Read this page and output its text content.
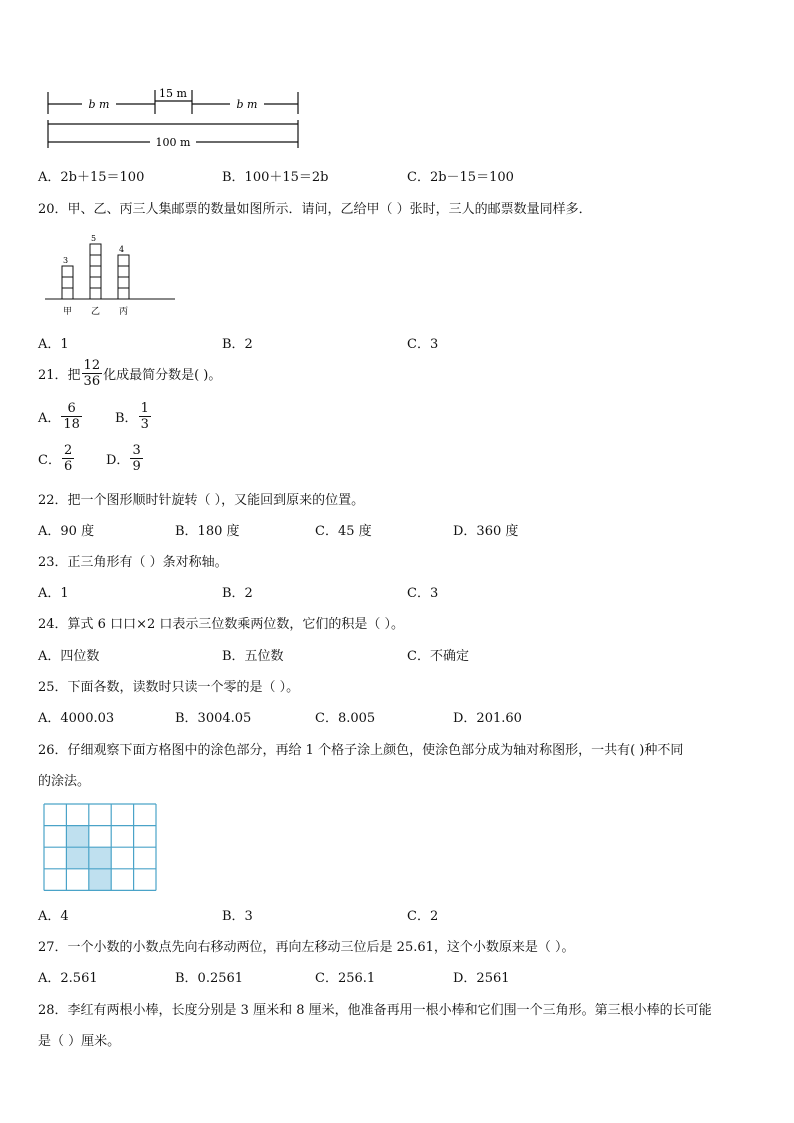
b m
15 m
b m
100 m
A．2b＋15＝100	B．100＋15＝2b	C．2b－15＝100
20．甲、乙、丙三人集邮票的数量如图所示．请问，乙给甲（ ）张时，三人的邮票数量同样多．
3
甲
5
乙
4
丙
A．1	B．2	C．3
21．把 $\frac{12}{36}$ 化成最简分数是( )。
A． $\frac{6}{18}$	B． $\frac{1}{3}$
C． $\frac{2}{6}$ D． $\frac{3}{9}$
22．把一个图形顺时针旋转（ ），又能回到原来的位置。
A．90 度	B．180 度	C．45 度	D．360 度
23．正三角形有（ ）条对称轴。
A．1	B．2	C．3
24．算式 6 口口×2 口表示三位数乘两位数，它们的积是（ ）。
A．四位数	B．五位数	C．不确定
25．下面各数，读数时只读一个零的是（ ）。
A．4000.03	B．3004.05	C．8.005	D．201.60
26．仔细观察下面方格图中的涂色部分，再给 1 个格子涂上颜色，使涂色部分成为轴对称图形，一共有( )种不同
的涂法。
A．4	B．3	C．2
27．一个小数的小数点先向右移动两位，再向左移动三位后是 25.61，这个小数原来是（ ）。
A．2.561	B．0.2561	C．256.1	D．2561
28．李红有两根小棒，长度分别是 3 厘米和 8 厘米，他准备再用一根小棒和它们围一个三角形。第三根小棒的长可能
是（ ）厘米。
